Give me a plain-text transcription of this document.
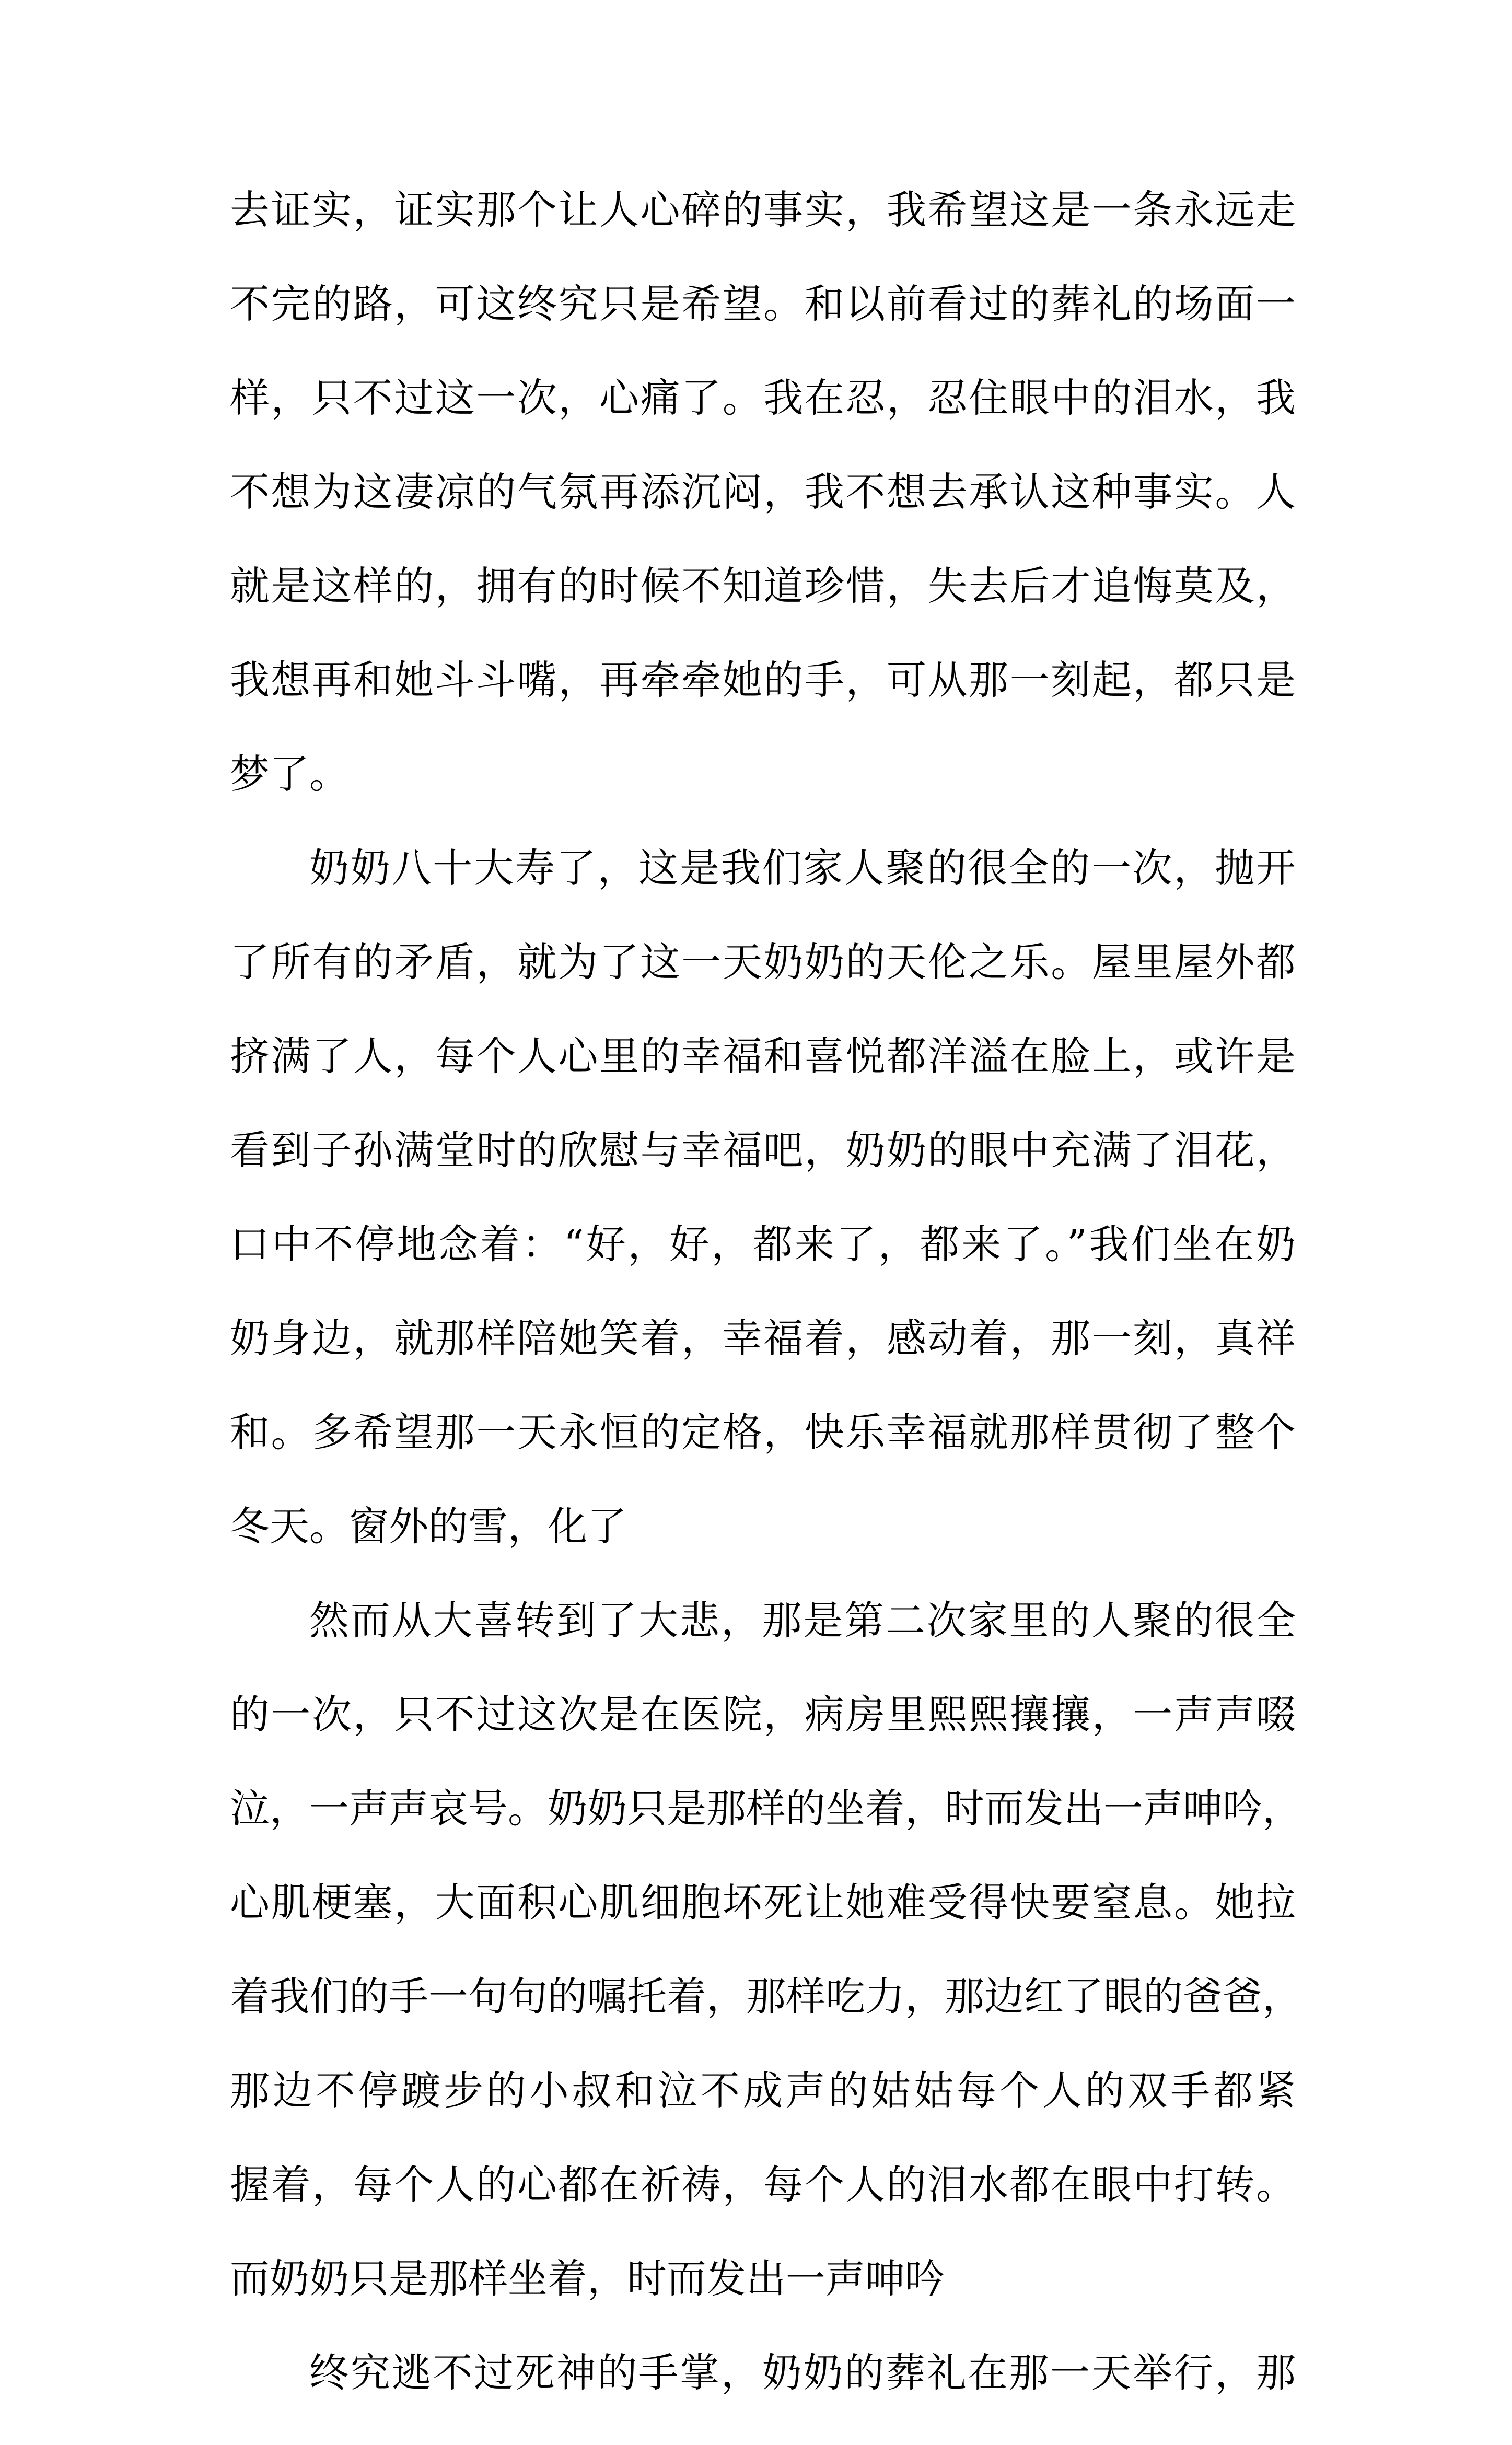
去证实，证实那个让人心碎的事实，我希望这是一条永远走
不完的路，可这终究只是希望。和以前看过的葬礼的场面一
样，只不过这一次，心痛了。我在忍，忍住眼中的泪水，我
不想为这凄凉的气氛再添沉闷，我不想去承认这种事实。人
就是这样的，拥有的时候不知道珍惜，失去后才追悔莫及，
我想再和她斗斗嘴，再牵牵她的手，可从那一刻起，都只是
梦了。
奶奶八十大寿了，这是我们家人聚的很全的一次，抛开
了所有的矛盾，就为了这一天奶奶的天伦之乐。屋里屋外都
挤满了人，每个人心里的幸福和喜悦都洋溢在脸上，或许是
看到子孙满堂时的欣慰与幸福吧，奶奶的眼中充满了泪花，
口中不停地念着：“好，好，都来了，都来了。”我们坐在奶
奶身边，就那样陪她笑着，幸福着，感动着，那一刻，真祥
和。多希望那一天永恒的定格，快乐幸福就那样贯彻了整个
冬天。窗外的雪，化了
然而从大喜转到了大悲，那是第二次家里的人聚的很全
的一次，只不过这次是在医院，病房里熙熙攘攘，一声声啜
泣，一声声哀号。奶奶只是那样的坐着，时而发出一声呻吟，
心肌梗塞，大面积心肌细胞坏死让她难受得快要窒息。她拉
着我们的手一句句的嘱托着，那样吃力，那边红了眼的爸爸，
那边不停踱步的小叔和泣不成声的姑姑每个人的双手都紧
握着，每个人的心都在祈祷，每个人的泪水都在眼中打转。
而奶奶只是那样坐着，时而发出一声呻吟
终究逃不过死神的手掌，奶奶的葬礼在那一天举行，那
